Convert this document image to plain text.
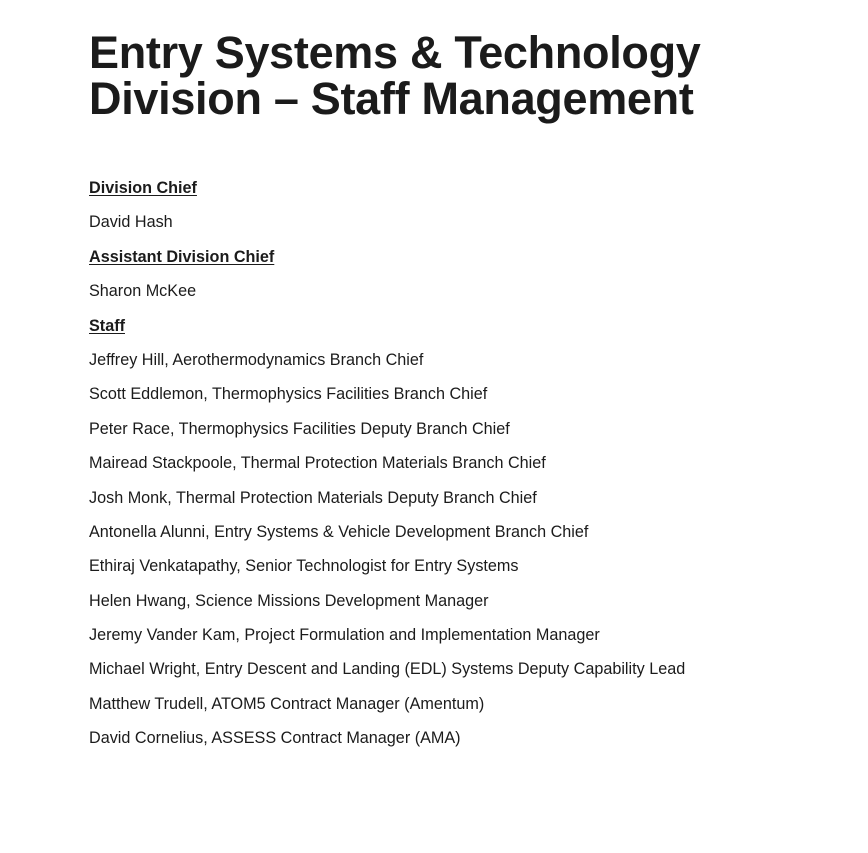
Entry Systems & Technology
Division – Staff Management
Division Chief
David Hash
Assistant Division Chief
Sharon McKee
Staff
Jeffrey Hill, Aerothermodynamics Branch Chief
Scott Eddlemon, Thermophysics Facilities Branch Chief
Peter Race, Thermophysics Facilities Deputy Branch Chief
Mairead Stackpoole, Thermal Protection Materials Branch Chief
Josh Monk, Thermal Protection Materials Deputy Branch Chief
Antonella Alunni, Entry Systems & Vehicle Development Branch Chief
Ethiraj Venkatapathy, Senior Technologist for Entry Systems
Helen Hwang, Science Missions Development Manager
Jeremy Vander Kam, Project Formulation and Implementation Manager
Michael Wright, Entry Descent and Landing (EDL) Systems Deputy Capability Lead
Matthew Trudell, ATOM5 Contract Manager (Amentum)
David Cornelius, ASSESS Contract Manager (AMA)
